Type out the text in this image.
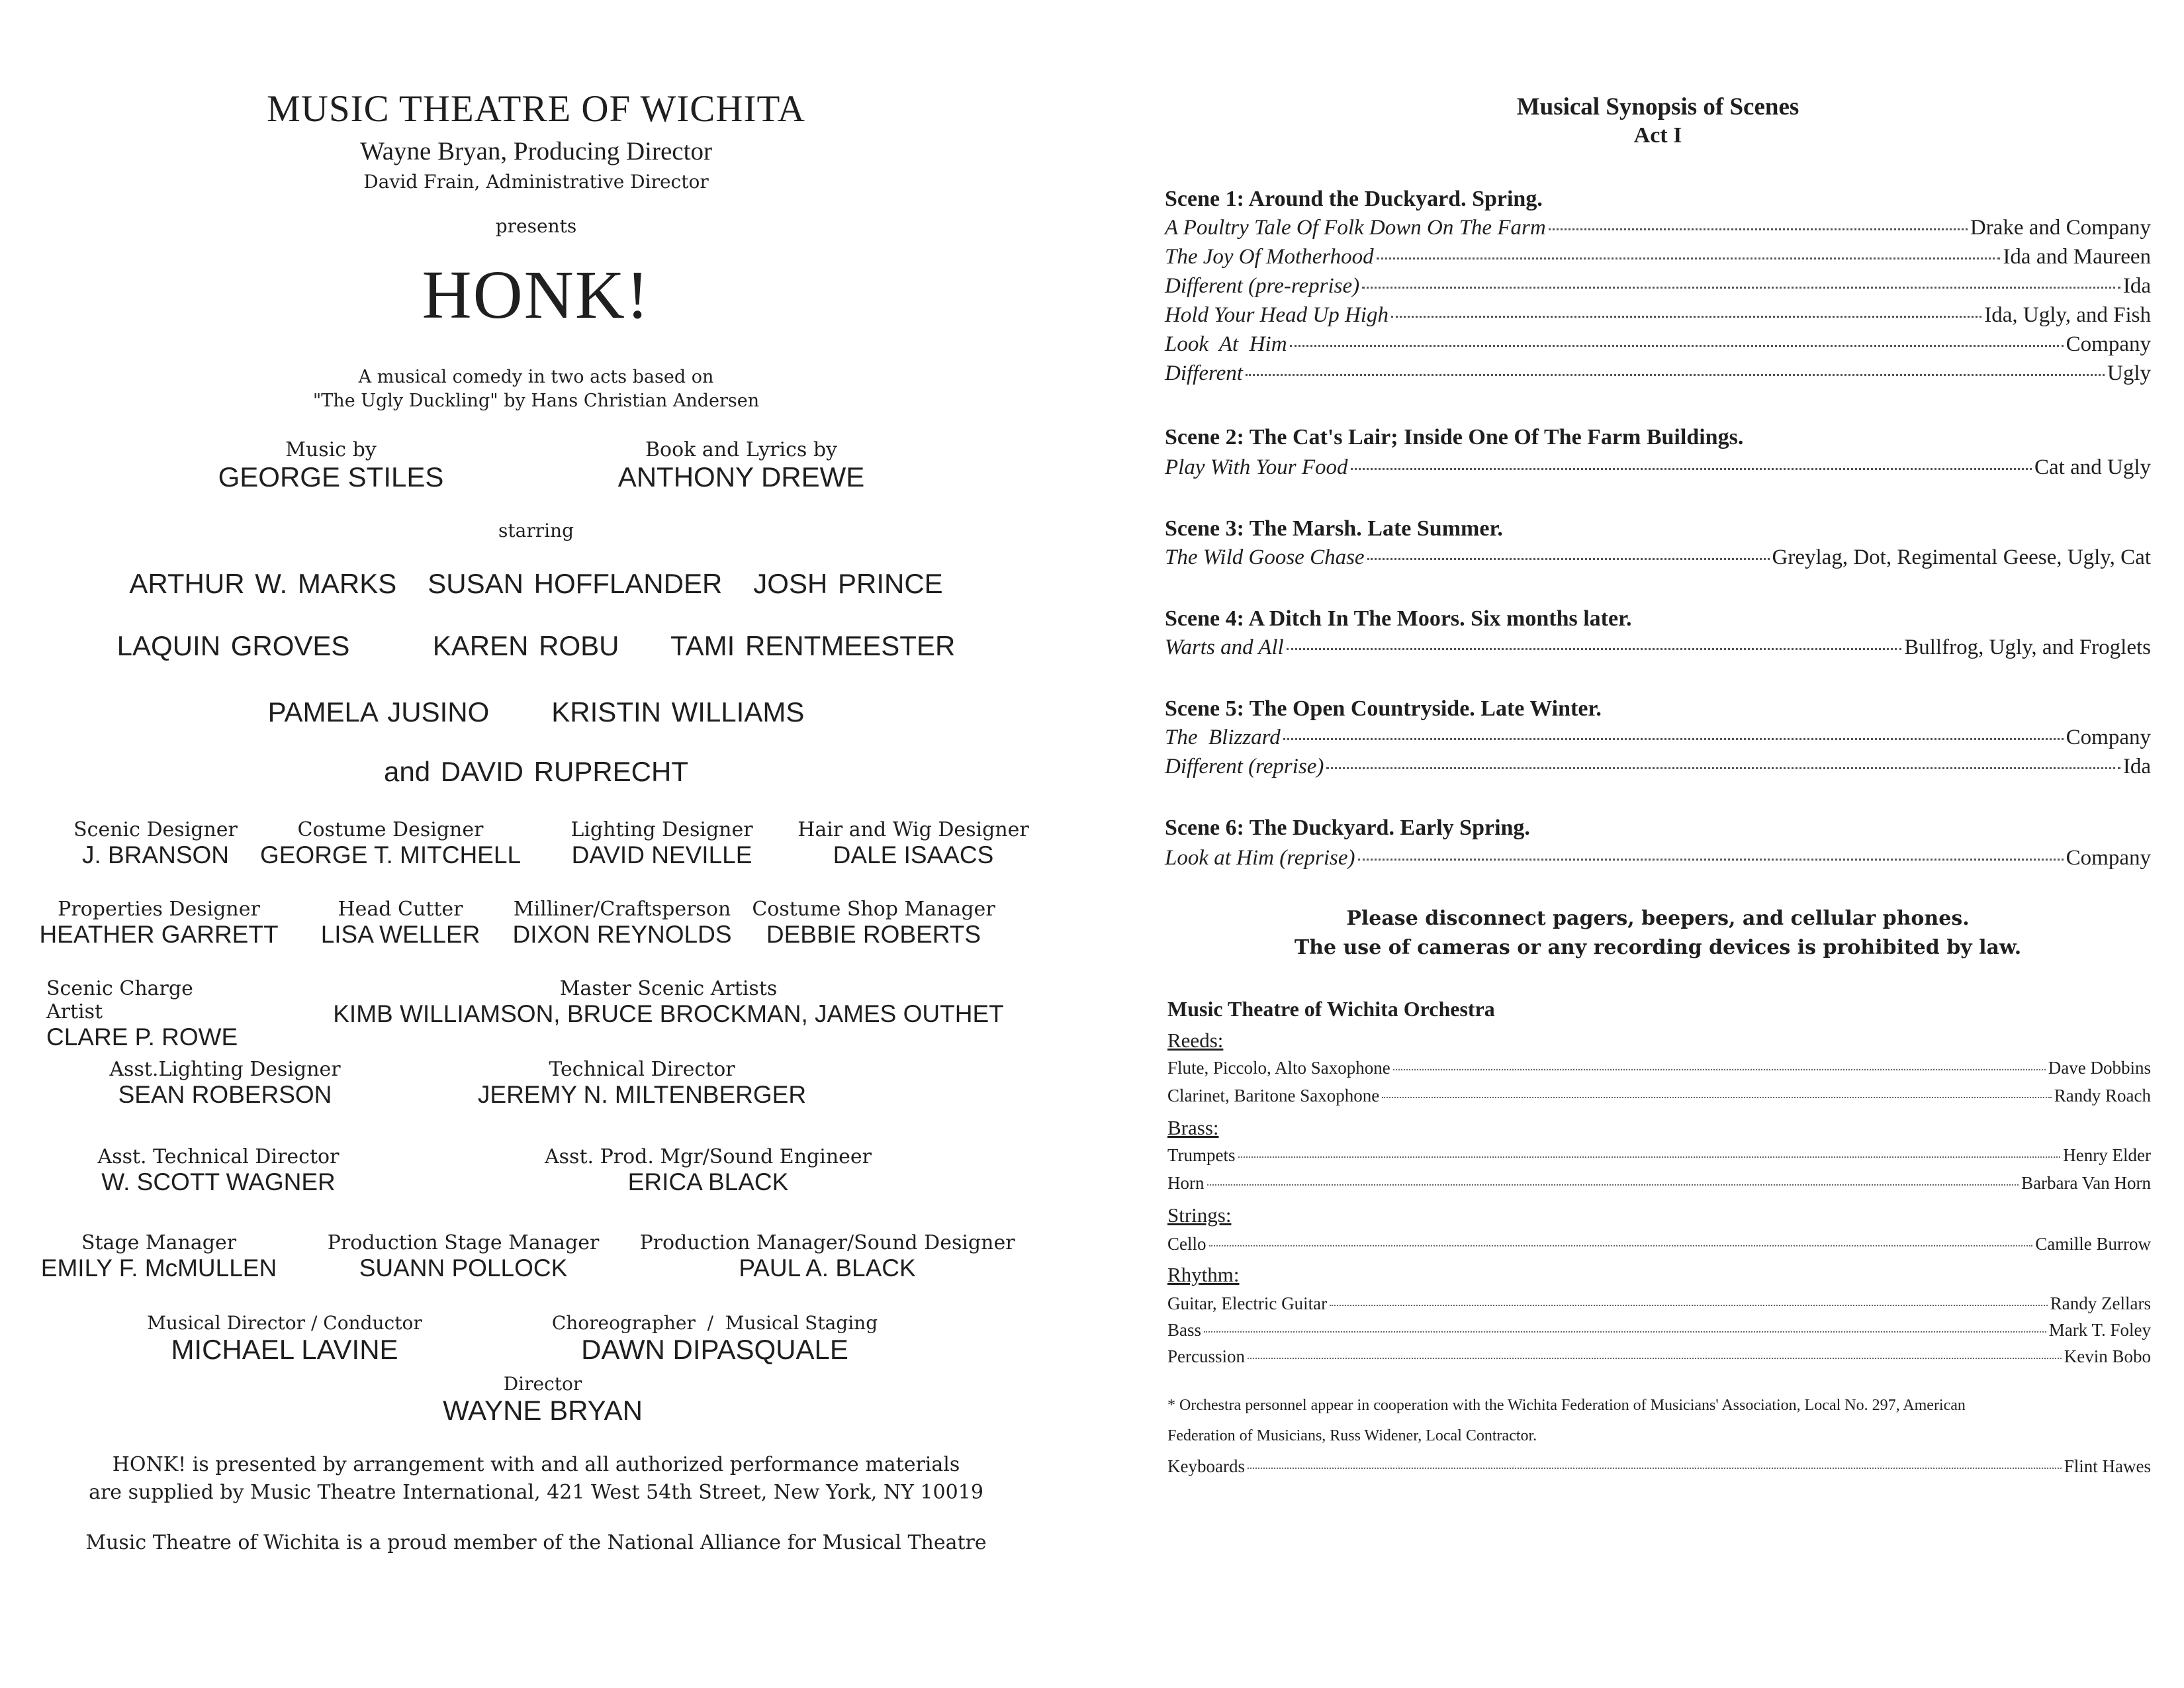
MUSIC THEATRE OF WICHITA
Wayne Bryan, Producing Director
David Frain, Administrative Director
presents
HONK!
A musical comedy in two acts based on
"The Ugly Duckling" by Hans Christian Andersen
Music by
GEORGE STILES
Book and Lyrics by
ANTHONY DREWE
starring
ARTHUR W. MARKS   SUSAN HOFFLANDER   JOSH PRINCE
LAQUIN GROVES        KAREN ROBU     TAMI RENTMEESTER
PAMELA JUSINO      KRISTIN WILLIAMS
and DAVID RUPRECHT
Scenic Designer
J. BRANSON
Costume Designer
GEORGE T. MITCHELL
Lighting Designer
DAVID NEVILLE
Hair and Wig Designer
DALE ISAACS
Properties Designer
HEATHER GARRETT
Head Cutter
LISA WELLER
Milliner/Craftsperson
DIXON REYNOLDS
Costume Shop Manager
DEBBIE ROBERTS
Scenic Charge Artist
CLARE P. ROWE
Master Scenic Artists
KIMB WILLIAMSON, BRUCE BROCKMAN, JAMES OUTHET
Asst.Lighting Designer
SEAN ROBERSON
Technical Director
JEREMY N. MILTENBERGER
Asst. Technical Director
W. SCOTT WAGNER
Asst. Prod. Mgr/Sound Engineer
ERICA BLACK
Stage Manager
EMILY F. McMULLEN
Production Stage Manager
SUANN POLLOCK
Production Manager/Sound Designer
PAUL A. BLACK
Musical Director / Conductor
MICHAEL LAVINE
Choreographer  /  Musical Staging
DAWN DIPASQUALE
Director
WAYNE BRYAN
HONK! is presented by arrangement with and all authorized performance materials
are supplied by Music Theatre International, 421 West 54th Street, New York, NY 10019
Music Theatre of Wichita is a proud member of the National Alliance for Musical Theatre
Musical Synopsis of Scenes
Act I
Scene 1: Around the Duckyard. Spring.
A Poultry Tale Of Folk Down On The Farm	Drake and Company
The Joy Of Motherhood	Ida and Maureen
Different (pre-reprise)	Ida
Hold Your Head Up High	Ida, Ugly, and Fish
Look  At  Him	Company
Different	Ugly
Scene 2: The Cat's Lair; Inside One Of The Farm Buildings.
Play With Your Food	Cat and Ugly
Scene 3: The Marsh. Late Summer.
The Wild Goose Chase	Greylag, Dot, Regimental Geese, Ugly, Cat
Scene 4: A Ditch In The Moors. Six months later.
Warts and All	Bullfrog, Ugly, and Froglets
Scene 5: The Open Countryside. Late Winter.
The  Blizzard	Company
Different (reprise)	Ida
Scene 6: The Duckyard. Early Spring.
Look at Him (reprise)	Company
Please disconnect pagers, beepers, and cellular phones.
The use of cameras or any recording devices is prohibited by law.
Music Theatre of Wichita Orchestra
Reeds:
Flute, Piccolo, Alto Saxophone	Dave Dobbins
Clarinet, Baritone Saxophone	Randy Roach
Brass:
Trumpets	Henry Elder
Horn	Barbara Van Horn
Strings:
Cello	Camille Burrow
Rhythm:
Guitar, Electric Guitar	Randy Zellars
Bass	Mark T. Foley
Percussion	Kevin Bobo
* Orchestra personnel appear in cooperation with the Wichita Federation of Musicians' Association, Local No. 297, American
Federation of Musicians, Russ Widener, Local Contractor.
Keyboards	Flint Hawes
